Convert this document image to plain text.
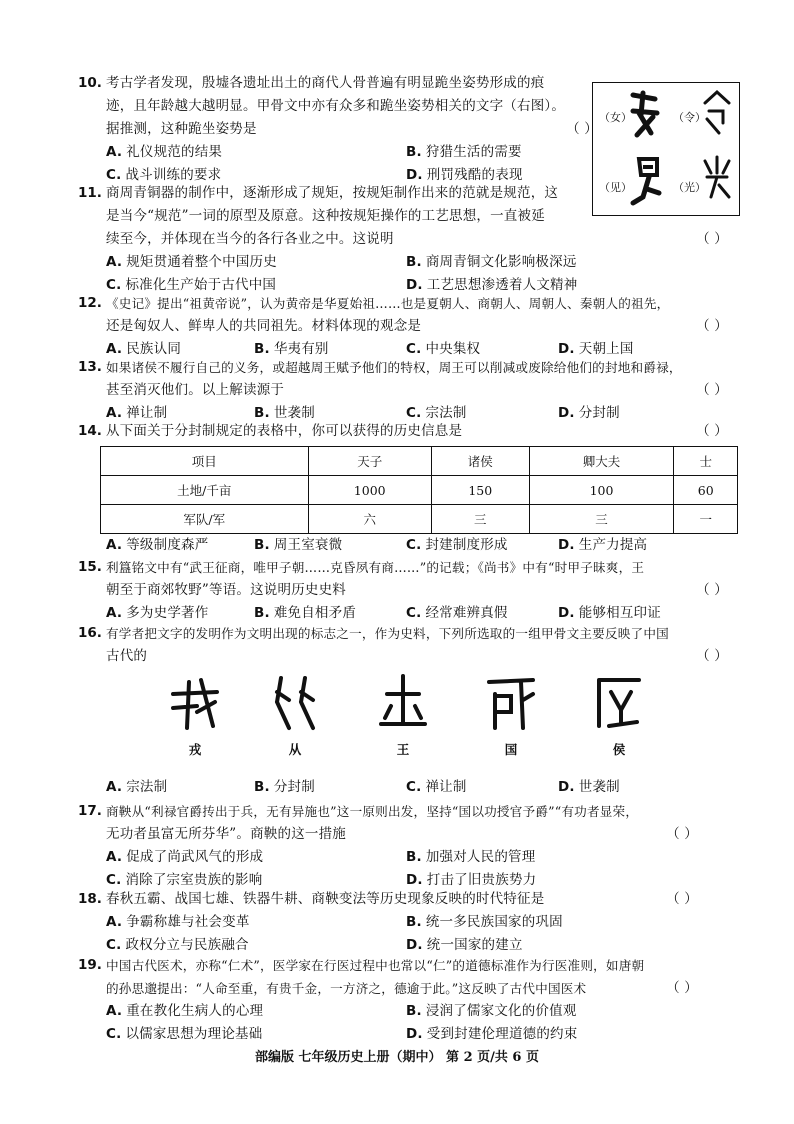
10. 考古学者发现，殷墟各遗址出土的商代人骨普遍有明显跪坐姿势形成的痕
迹，且年龄越大越明显。甲骨文中亦有众多和跪坐姿势相关的文字（右图）。
据推测，这种跪坐姿势是	（ ）
A. 礼仪规范的结果	B. 狩猎生活的需要
C. 战斗训练的要求	D. 刑罚残酷的表现
（女）	（令）
（见）	（光）
11. 商周青铜器的制作中，逐渐形成了规矩，按规矩制作出来的范就是规范，这
是当今“规范”一词的原型及原意。这种按规矩操作的工艺思想，一直被延
续至今，并体现在当今的各行各业之中。这说明	（ ）
A. 规矩贯通着整个中国历史	B. 商周青铜文化影响极深远
C. 标准化生产始于古代中国	D. 工艺思想渗透着人文精神
12. 《史记》提出“祖黄帝说”，认为黄帝是华夏始祖……也是夏朝人、商朝人、周朝人、秦朝人的祖先，
还是匈奴人、鲜卑人的共同祖先。材料体现的观念是	（ ）
A. 民族认同	B. 华夷有别	C. 中央集权	D. 天朝上国
13. 如果诸侯不履行自己的义务，或超越周王赋予他们的特权，周王可以削减或废除给他们的封地和爵禄，
甚至消灭他们。以上解读源于	（ ）
A. 禅让制	B. 世袭制	C. 宗法制	D. 分封制
14. 从下面关于分封制规定的表格中，你可以获得的历史信息是	（ ）
项目	天子	诸侯	卿大夫	士
土地/千亩	1000	150	100	60
军队/军	六	三	三	一
A. 等级制度森严	B. 周王室衰微	C. 封建制度形成	D. 生产力提高
15. 利簋铭文中有“武王征商，唯甲子朝……克昏夙有商……”的记载；《尚书》中有“时甲子昧爽，王
朝至于商郊牧野”等语。这说明历史史料	（ ）
A. 多为史学著作	B. 难免自相矛盾	C. 经常难辨真假	D. 能够相互印证
16. 有学者把文字的发明作为文明出现的标志之一，作为史料，下列所选取的一组甲骨文主要反映了中国
古代的	（ ）
戎	从	王	国	侯
A. 宗法制	B. 分封制	C. 禅让制	D. 世袭制
17. 商鞅从“利禄官爵抟出于兵，无有异施也”这一原则出发，坚持“国以功授官予爵”“有功者显荣，
无功者虽富无所芬华”。商鞅的这一措施	（ ）
A. 促成了尚武风气的形成	B. 加强对人民的管理
C. 消除了宗室贵族的影响	D. 打击了旧贵族势力
18. 春秋五霸、战国七雄、铁器牛耕、商鞅变法等历史现象反映的时代特征是	（ ）
A. 争霸称雄与社会变革	B. 统一多民族国家的巩固
C. 政权分立与民族融合	D. 统一国家的建立
19. 中国古代医术，亦称“仁术”，医学家在行医过程中也常以“仁”的道德标准作为行医准则，如唐朝
的孙思邈提出：“人命至重，有贵千金，一方济之，德逾于此。”这反映了古代中国医术	（ ）
A. 重在教化生病人的心理	B. 浸润了儒家文化的价值观
C. 以儒家思想为理论基础	D. 受到封建伦理道德的约束
部编版 七年级历史上册（期中） 第 2 页/共 6 页
